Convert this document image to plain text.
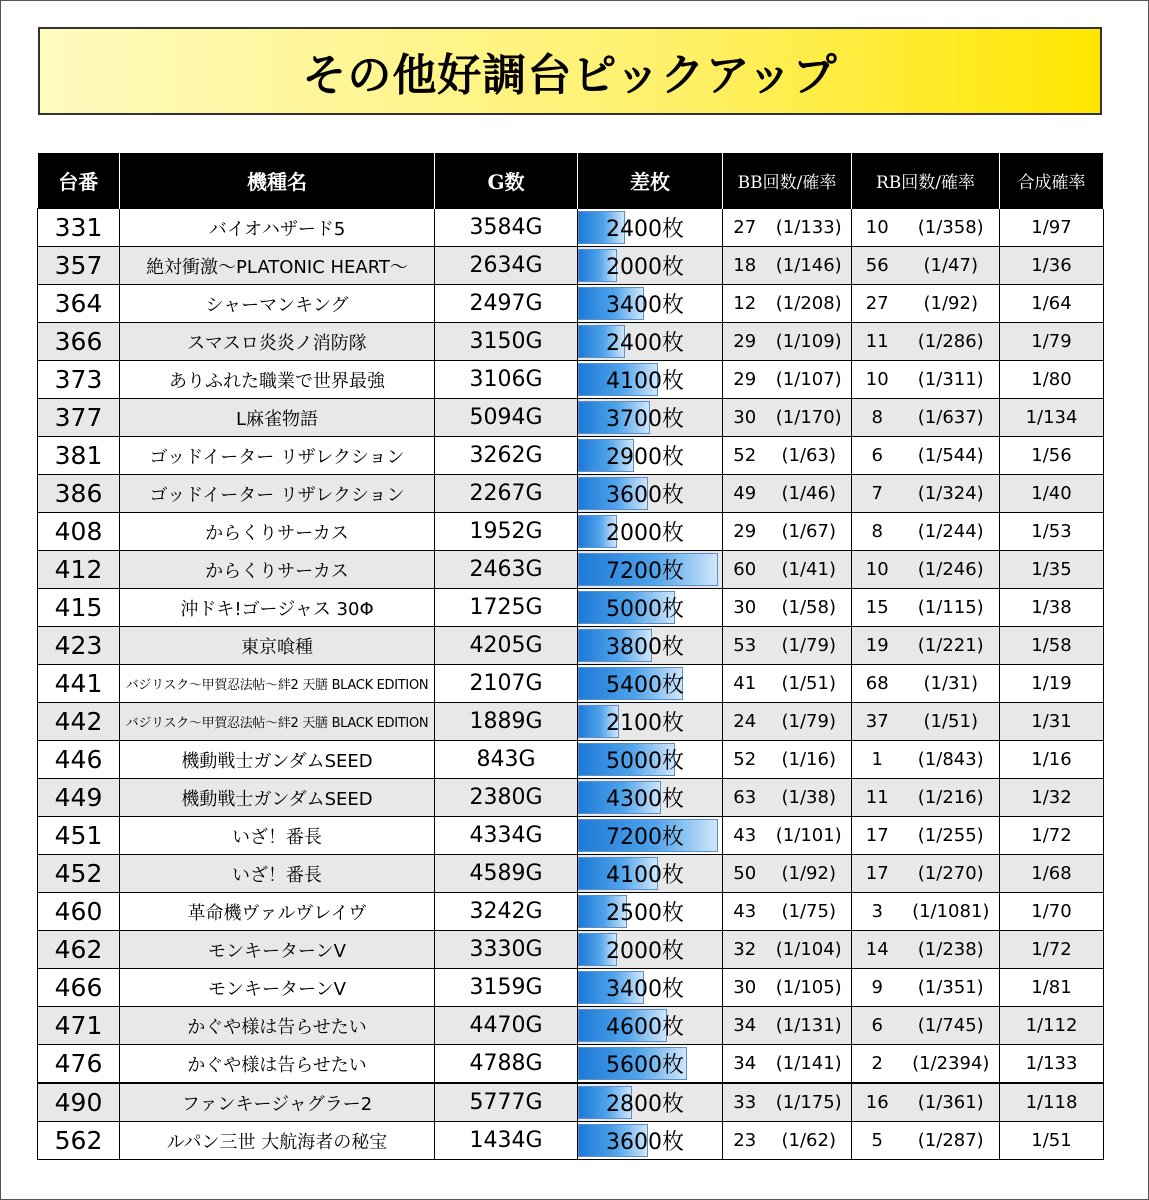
その他好調台ピックアップ
台番	機種名	G数	差枚	BB回数/確率		RB回数/確率		合成確率
331	バイオハザード5	3584G	2400枚	27	(1/133)	10	(1/358)	1/97
357	絶対衝激～PLATONIC HEART～	2634G	2000枚	18	(1/146)	56	(1/47)	1/36
364	シャーマンキング	2497G	3400枚	12	(1/208)	27	(1/92)	1/64
366	スマスロ炎炎ノ消防隊	3150G	2400枚	29	(1/109)	11	(1/286)	1/79
373	ありふれた職業で世界最強	3106G	4100枚	29	(1/107)	10	(1/311)	1/80
377	L麻雀物語	5094G	3700枚	30	(1/170)	8	(1/637)	1/134
381	ゴッドイーター リザレクション	3262G	2900枚	52	(1/63)	6	(1/544)	1/56
386	ゴッドイーター リザレクション	2267G	3600枚	49	(1/46)	7	(1/324)	1/40
408	からくりサーカス	1952G	2000枚	29	(1/67)	8	(1/244)	1/53
412	からくりサーカス	2463G	7200枚	60	(1/41)	10	(1/246)	1/35
415	沖ドキ!ゴージャス 30Φ	1725G	5000枚	30	(1/58)	15	(1/115)	1/38
423	東京喰種	4205G	3800枚	53	(1/79)	19	(1/221)	1/58
441	バジリスク～甲賀忍法帖～絆2 天膳 BLACK EDITION	2107G	5400枚	41	(1/51)	68	(1/31)	1/19
442	バジリスク～甲賀忍法帖～絆2 天膳 BLACK EDITION	1889G	2100枚	24	(1/79)	37	(1/51)	1/31
446	機動戦士ガンダムSEED	843G	5000枚	52	(1/16)	1	(1/843)	1/16
449	機動戦士ガンダムSEED	2380G	4300枚	63	(1/38)	11	(1/216)	1/32
451	いざ！番長	4334G	7200枚	43	(1/101)	17	(1/255)	1/72
452	いざ！番長	4589G	4100枚	50	(1/92)	17	(1/270)	1/68
460	革命機ヴァルヴレイヴ	3242G	2500枚	43	(1/75)	3	(1/1081)	1/70
462	モンキーターンV	3330G	2000枚	32	(1/104)	14	(1/238)	1/72
466	モンキーターンV	3159G	3400枚	30	(1/105)	9	(1/351)	1/81
471	かぐや様は告らせたい	4470G	4600枚	34	(1/131)	6	(1/745)	1/112
476	かぐや様は告らせたい	4788G	5600枚	34	(1/141)	2	(1/2394)	1/133
490	ファンキージャグラー2	5777G	2800枚	33	(1/175)	16	(1/361)	1/118
562	ルパン三世 大航海者の秘宝	1434G	3600枚	23	(1/62)	5	(1/287)	1/51
